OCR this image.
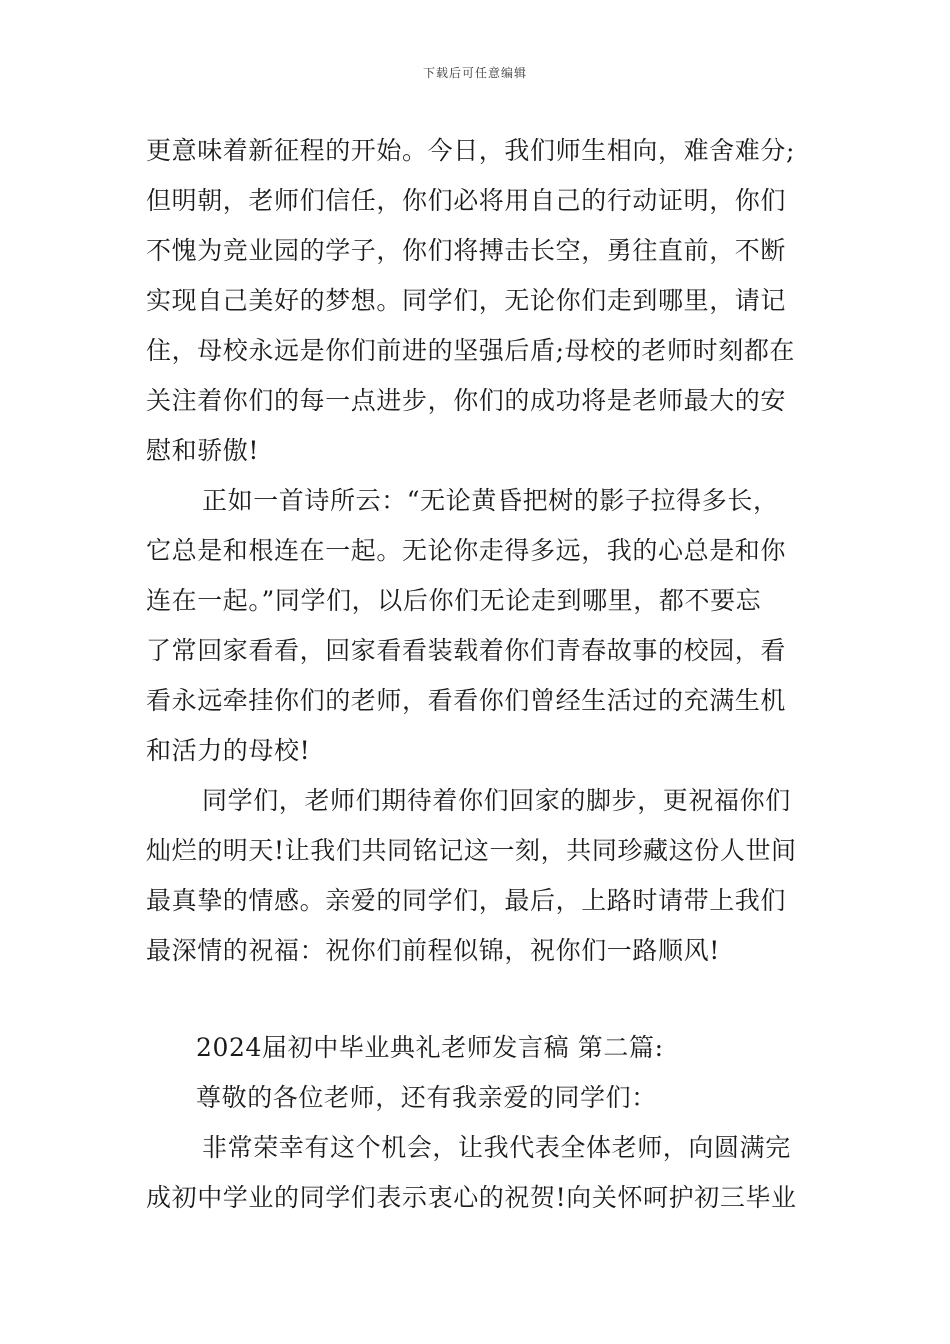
下载后可任意编辑
更意味着新征程的开始。今日，我们师生相向，难舍难分;
但明朝，老师们信任，你们必将用自己的行动证明，你们
不愧为竞业园的学子，你们将搏击长空，勇往直前，不断
实现自己美好的梦想。同学们，无论你们走到哪里，请记
住，母校永远是你们前进的坚强后盾;母校的老师时刻都在
关注着你们的每一点进步，你们的成功将是老师最大的安
慰和骄傲!
正如一首诗所云：“无论黄昏把树的影子拉得多长，
它总是和根连在一起。无论你走得多远，我的心总是和你
连在一起。”同学们，以后你们无论走到哪里，都不要忘
了常回家看看，回家看看装载着你们青春故事的校园，看
看永远牵挂你们的老师，看看你们曾经生活过的充满生机
和活力的母校!
同学们，老师们期待着你们回家的脚步，更祝福你们
灿烂的明天!让我们共同铭记这一刻，共同珍藏这份人世间
最真挚的情感。亲爱的同学们，最后，上路时请带上我们
最深情的祝福：祝你们前程似锦，祝你们一路顺风!
2024届初中毕业典礼老师发言稿 第二篇:
尊敬的各位老师，还有我亲爱的同学们：
非常荣幸有这个机会，让我代表全体老师，向圆满完
成初中学业的同学们表示衷心的祝贺!向关怀呵护初三毕业
